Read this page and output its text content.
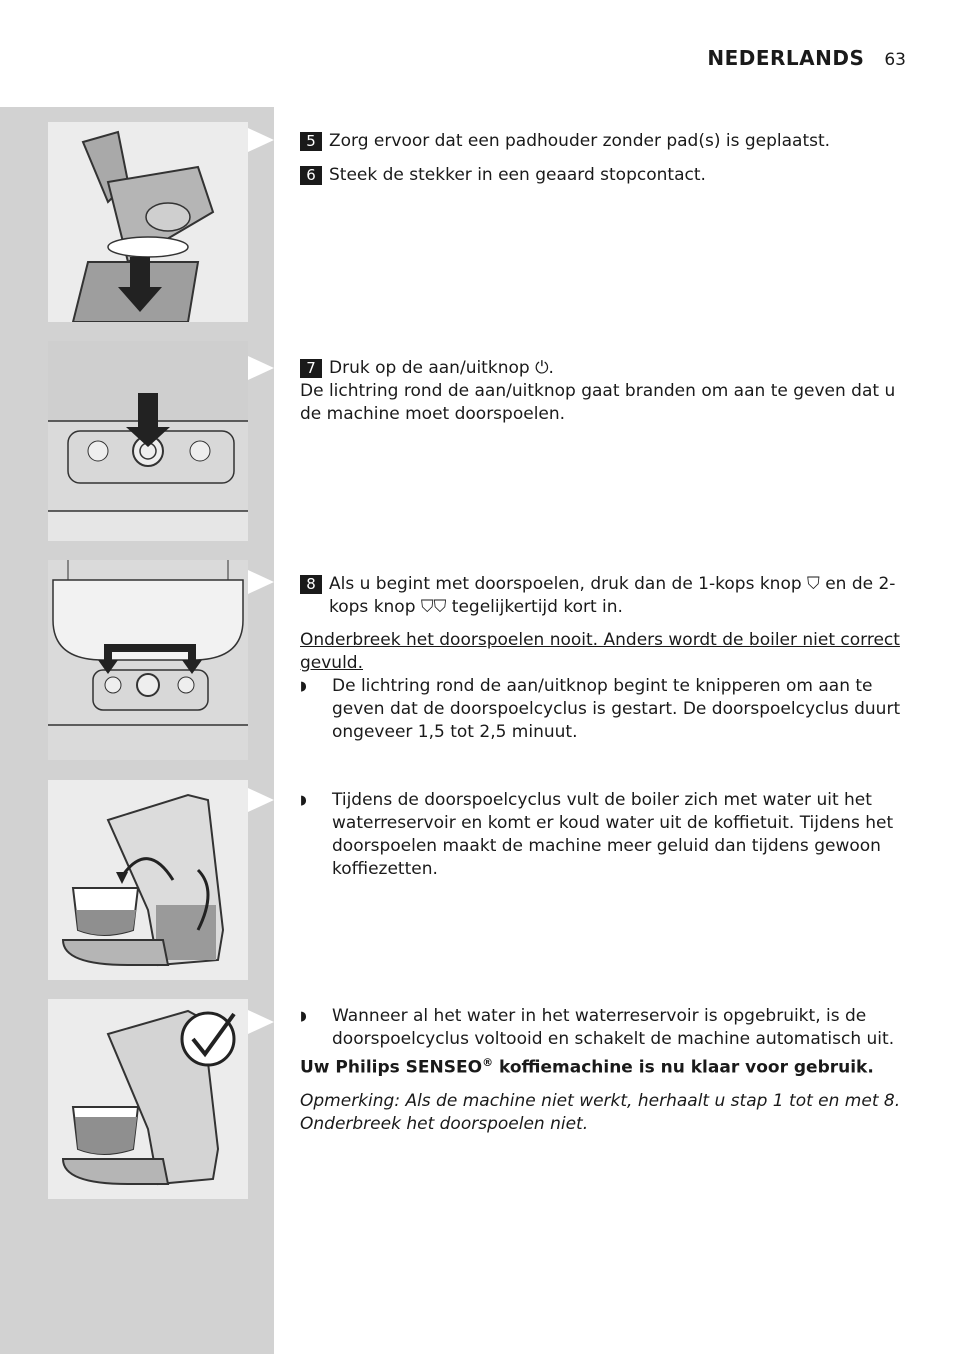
NEDERLANDS 63
5 Zorg ervoor dat een padhouder zonder pad(s) is geplaatst.
6 Steek de stekker in een geaard stopcontact.
7 Druk op de aan/uitknop ⏻.

De lichtring rond de aan/uitknop gaat branden om aan te geven dat u de machine moet doorspoelen.

8 Als u begint met doorspoelen, druk dan de 1-kops knop ⛉ en de 2-kops knop ⛉⛉ tegelijkertijd kort in.

Onderbreek het doorspoelen nooit. Anders wordt de boiler niet correct gevuld.

◗	De lichtring rond de aan/uitknop begint te knipperen om aan te geven dat de doorspoelcyclus is gestart. De doorspoelcyclus duurt ongeveer 1,5 tot 2,5 minuut.
◗	Tijdens de doorspoelcyclus vult de boiler zich met water uit het waterreservoir en komt er koud water uit de koffietuit. Tijdens het doorspoelen maakt de machine meer geluid dan tijdens gewoon koffiezetten.
◗	Wanneer al het water in het waterreservoir is opgebruikt, is de doorspoelcyclus voltooid en schakelt de machine automatisch uit.

Uw Philips SENSEO® koffiemachine is nu klaar voor gebruik.

Opmerking: Als de machine niet werkt, herhaalt u stap 1 tot en met 8. Onderbreek het doorspoelen niet.
